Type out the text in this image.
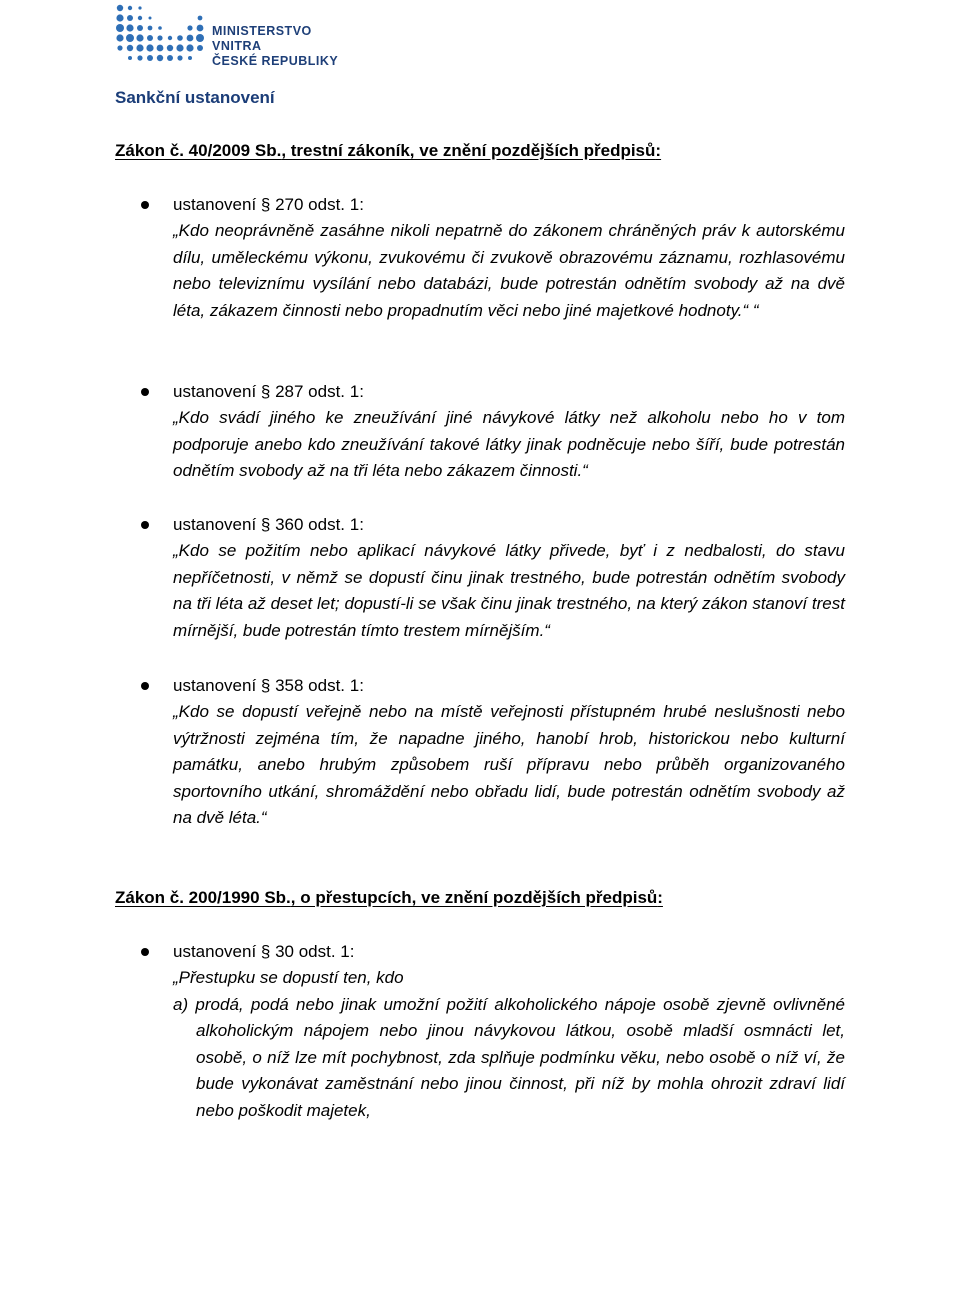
MINISTERSTVO VNITRA
ČESKÉ REPUBLIKY
Sankční ustanovení
Zákon č. 40/2009 Sb., trestní zákoník, ve znění pozdějších předpisů:
ustanovení § 270 odst. 1:

„Kdo neoprávněně zasáhne nikoli nepatrně do zákonem chráněných práv k autorskému dílu, uměleckému výkonu, zvukovému či zvukově obrazovému záznamu, rozhlasovému nebo televiznímu vysílání nebo databázi, bude potrestán odnětím svobody až na dvě léta, zákazem činnosti nebo propadnutím věci nebo jiné majetkové hodnoty.“ “

ustanovení § 287 odst. 1:

„Kdo svádí jiného ke zneužívání jiné návykové látky než alkoholu nebo ho v tom podporuje anebo kdo zneužívání takové látky jinak podněcuje nebo šíří, bude potrestán odnětím svobody až na tři léta nebo zákazem činnosti.“

ustanovení § 360 odst. 1:

„Kdo se požitím nebo aplikací návykové látky přivede, byť i z nedbalosti, do stavu nepříčetnosti, v němž se dopustí činu jinak trestného, bude potrestán odnětím svobody na tři léta až deset let; dopustí-li se však činu jinak trestného, na který zákon stanoví trest mírnější, bude potrestán tímto trestem mírnějším.“

ustanovení § 358 odst. 1:

„Kdo se dopustí veřejně nebo na místě veřejnosti přístupném hrubé neslušnosti nebo výtržnosti zejména tím, že napadne jiného, hanobí hrob, historickou nebo kulturní památku, anebo hrubým způsobem ruší přípravu nebo průběh organizovaného sportovního utkání, shromáždění nebo obřadu lidí, bude potrestán odnětím svobody až na dvě léta.“

Zákon č. 200/1990 Sb., o přestupcích, ve znění pozdějších předpisů:
ustanovení § 30 odst. 1:
„Přestupku se dopustí ten, kdo
a) prodá, podá nebo jinak umožní požití alkoholického nápoje osobě zjevně ovlivněné alkoholickým nápojem nebo jinou návykovou látkou, osobě mladší osmnácti let, osobě, o níž lze mít pochybnost, zda splňuje podmínku věku, nebo osobě o níž ví, že bude vykonávat zaměstnání nebo jinou činnost, při níž by mohla ohrozit zdraví lidí nebo poškodit majetek,
